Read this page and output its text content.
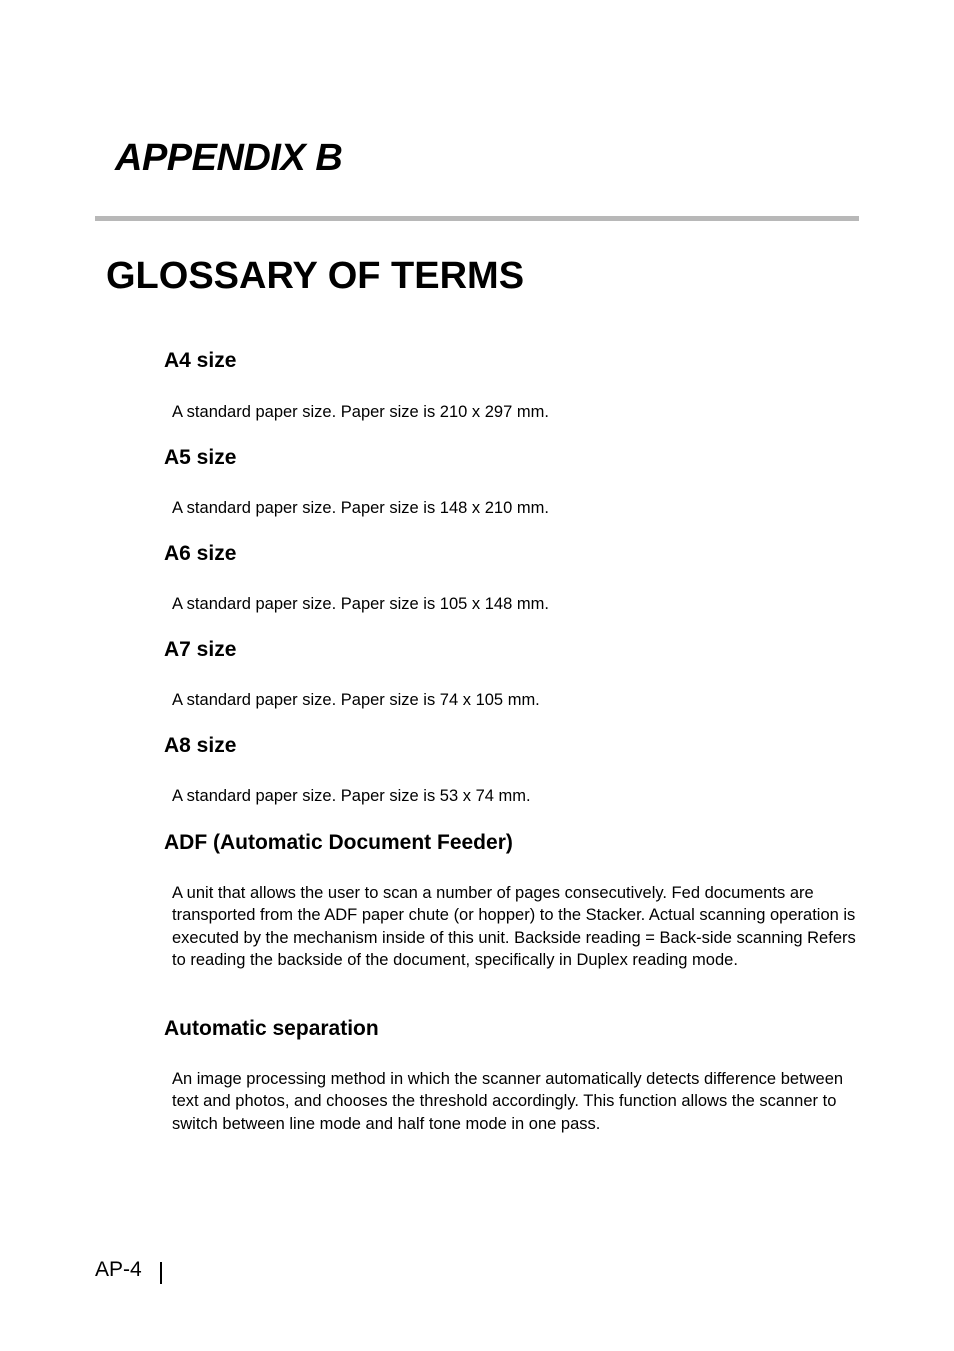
APPENDIX B
GLOSSARY OF TERMS
A4 size

A standard paper size. Paper size is 210 x 297 mm.

A5 size

A standard paper size. Paper size is 148 x 210 mm.

A6 size

A standard paper size. Paper size is 105 x 148 mm.

A7 size

A standard paper size. Paper size is 74 x 105 mm.

A8 size

A standard paper size. Paper size is 53 x 74 mm.

ADF (Automatic Document Feeder)

A unit that allows the user to scan a number of pages consecutively. Fed documents are transported from the ADF paper chute (or hopper) to the Stacker. Actual scanning operation is executed by the mechanism inside of this unit. Backside reading = Back-side scanning Refers to reading the backside of the document, specifically in Duplex reading mode.

Automatic separation

An image processing method in which the scanner automatically detects difference between text and photos, and chooses the threshold accordingly. This function allows the scanner to switch between line mode and half tone mode in one pass.

AP-4
